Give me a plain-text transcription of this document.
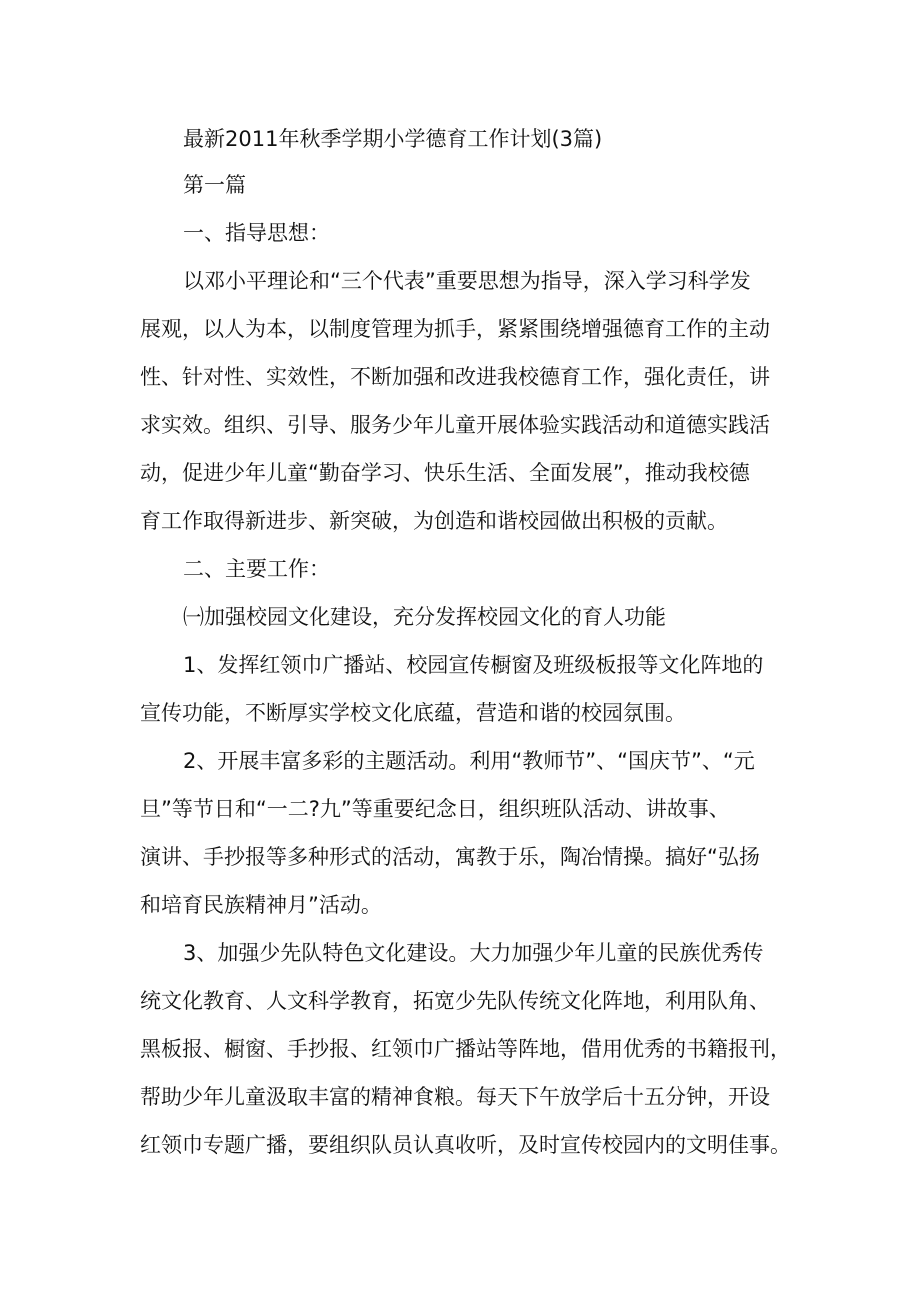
最新2011年秋季学期小学德育工作计划(3篇)
第一篇
一、指导思想：
以邓小平理论和“三个代表”重要思想为指导，深入学习科学发
展观，以人为本，以制度管理为抓手，紧紧围绕增强德育工作的主动
性、针对性、实效性，不断加强和改进我校德育工作，强化责任，讲
求实效。组织、引导、服务少年儿童开展体验实践活动和道德实践活
动，促进少年儿童“勤奋学习、快乐生活、全面发展”，推动我校德
育工作取得新进步、新突破，为创造和谐校园做出积极的贡献。
二、主要工作：
㈠加强校园文化建设，充分发挥校园文化的育人功能
1、发挥红领巾广播站、校园宣传橱窗及班级板报等文化阵地的
宣传功能，不断厚实学校文化底蕴，营造和谐的校园氛围。
2、开展丰富多彩的主题活动。利用“教师节”、“国庆节”、“元
旦”等节日和“一二?九”等重要纪念日，组织班队活动、讲故事、
演讲、手抄报等多种形式的活动，寓教于乐，陶冶情操。搞好“弘扬
和培育民族精神月”活动。
3、加强少先队特色文化建设。大力加强少年儿童的民族优秀传
统文化教育、人文科学教育，拓宽少先队传统文化阵地，利用队角、
黑板报、橱窗、手抄报、红领巾广播站等阵地，借用优秀的书籍报刊，
帮助少年儿童汲取丰富的精神食粮。每天下午放学后十五分钟，开设
红领巾专题广播，要组织队员认真收听，及时宣传校园内的文明佳事。
